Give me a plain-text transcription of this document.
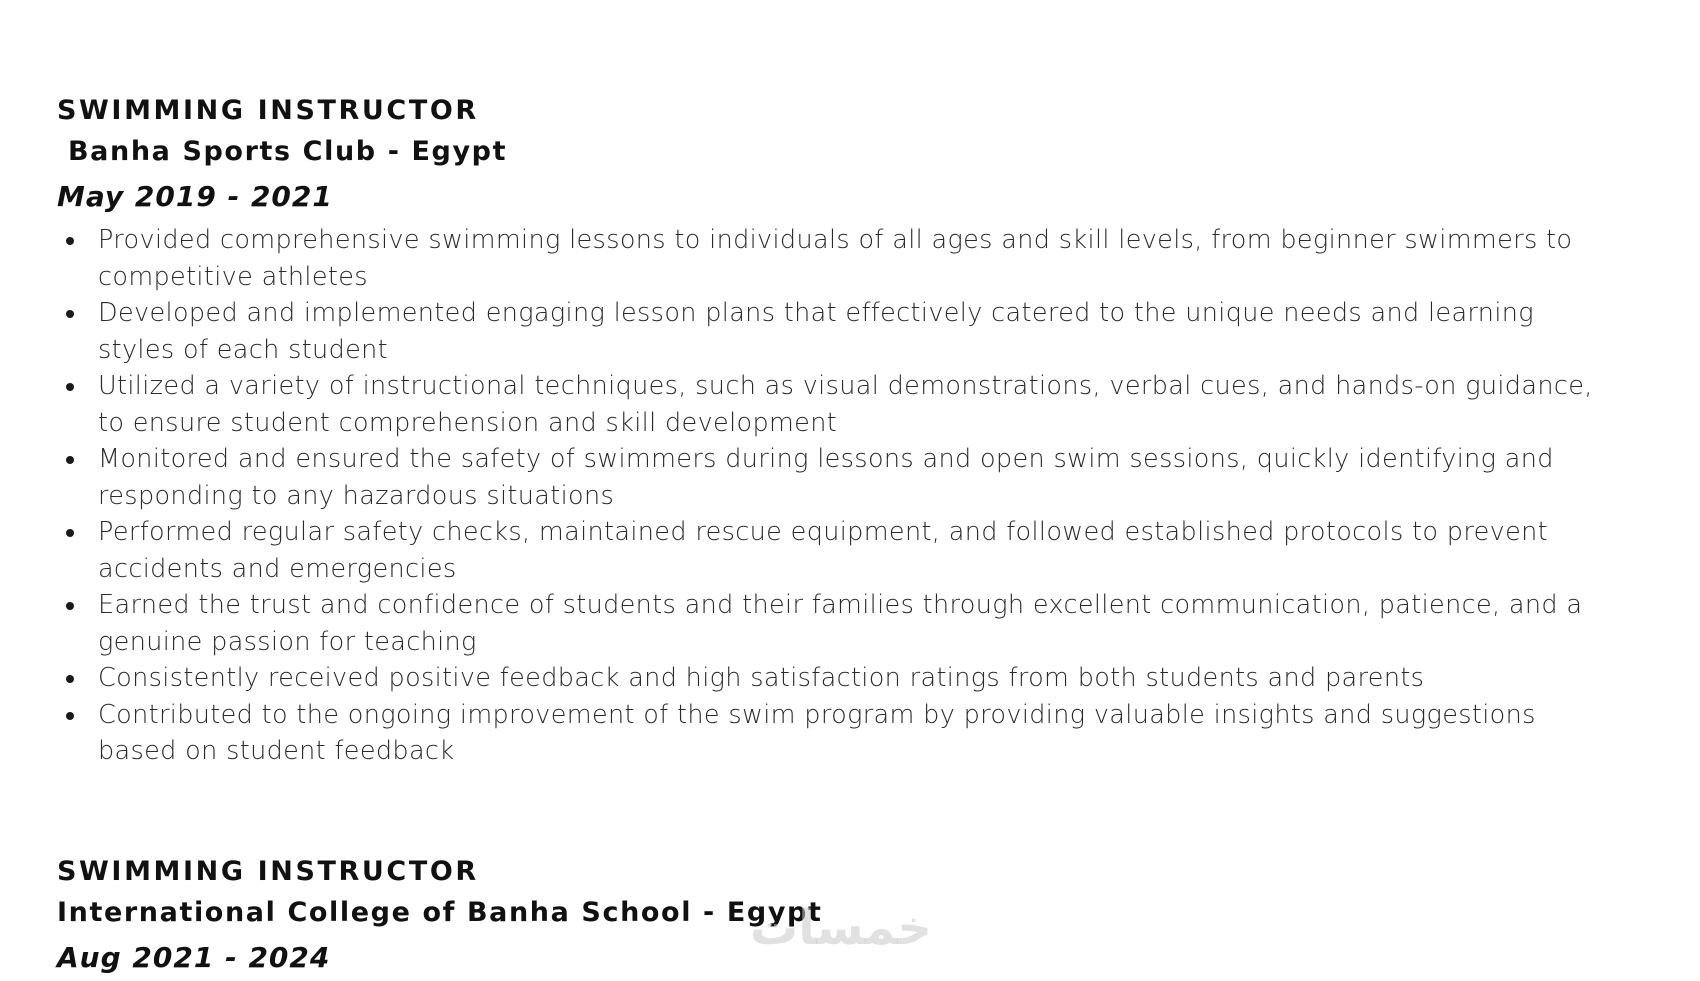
SWIMMING INSTRUCTOR
Banha Sports Club - Egypt
May 2019 - 2021
Provided comprehensive swimming lessons to individuals of all ages and skill levels, from beginner swimmers to competitive athletes
Developed and implemented engaging lesson plans that effectively catered to the unique needs and learning styles of each student
Utilized a variety of instructional techniques, such as visual demonstrations, verbal cues, and hands-on guidance, to ensure student comprehension and skill development
Monitored and ensured the safety of swimmers during lessons and open swim sessions, quickly identifying and responding to any hazardous situations
Performed regular safety checks, maintained rescue equipment, and followed established protocols to prevent accidents and emergencies
Earned the trust and confidence of students and their families through excellent communication, patience, and a genuine passion for teaching
Consistently received positive feedback and high satisfaction ratings from both students and parents
Contributed to the ongoing improvement of the swim program by providing valuable insights and suggestions based on student feedback
SWIMMING INSTRUCTOR
International College of Banha School - Egypt
Aug 2021 - 2024
خمسات
